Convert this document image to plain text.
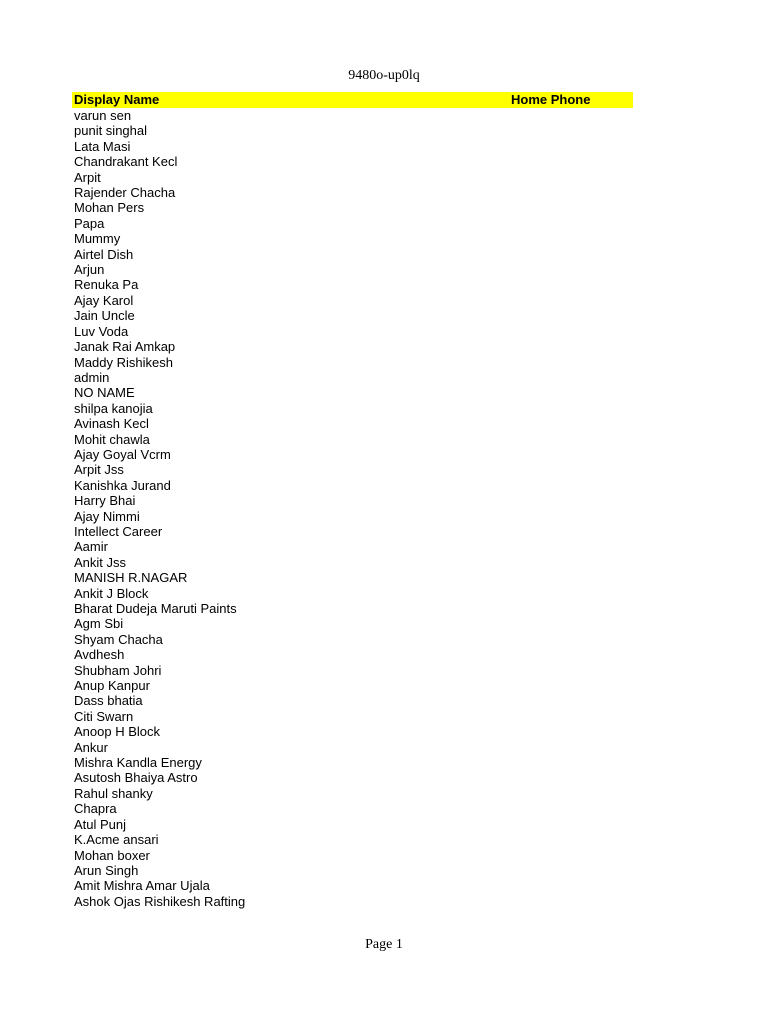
9480o-up0lq
Display Name	Home Phone
varun sen
punit singhal
Lata Masi
Chandrakant Kecl
Arpit
Rajender Chacha
Mohan Pers
Papa
Mummy
Airtel Dish
Arjun
Renuka Pa
Ajay Karol
Jain Uncle
Luv Voda
Janak Rai Amkap
Maddy Rishikesh
admin
NO NAME
shilpa kanojia
Avinash Kecl
Mohit chawla
Ajay Goyal Vcrm
Arpit Jss
Kanishka Jurand
Harry Bhai
Ajay Nimmi
Intellect Career
Aamir
Ankit Jss
MANISH R.NAGAR
Ankit J Block
Bharat Dudeja Maruti Paints
Agm Sbi
Shyam Chacha
Avdhesh
Shubham Johri
Anup Kanpur
Dass bhatia
Citi Swarn
Anoop H Block
Ankur
Mishra Kandla Energy
Asutosh Bhaiya Astro
Rahul shanky
Chapra
Atul Punj
K.Acme ansari
Mohan boxer
Arun Singh
Amit Mishra Amar Ujala
Ashok Ojas Rishikesh Rafting
Page 1
